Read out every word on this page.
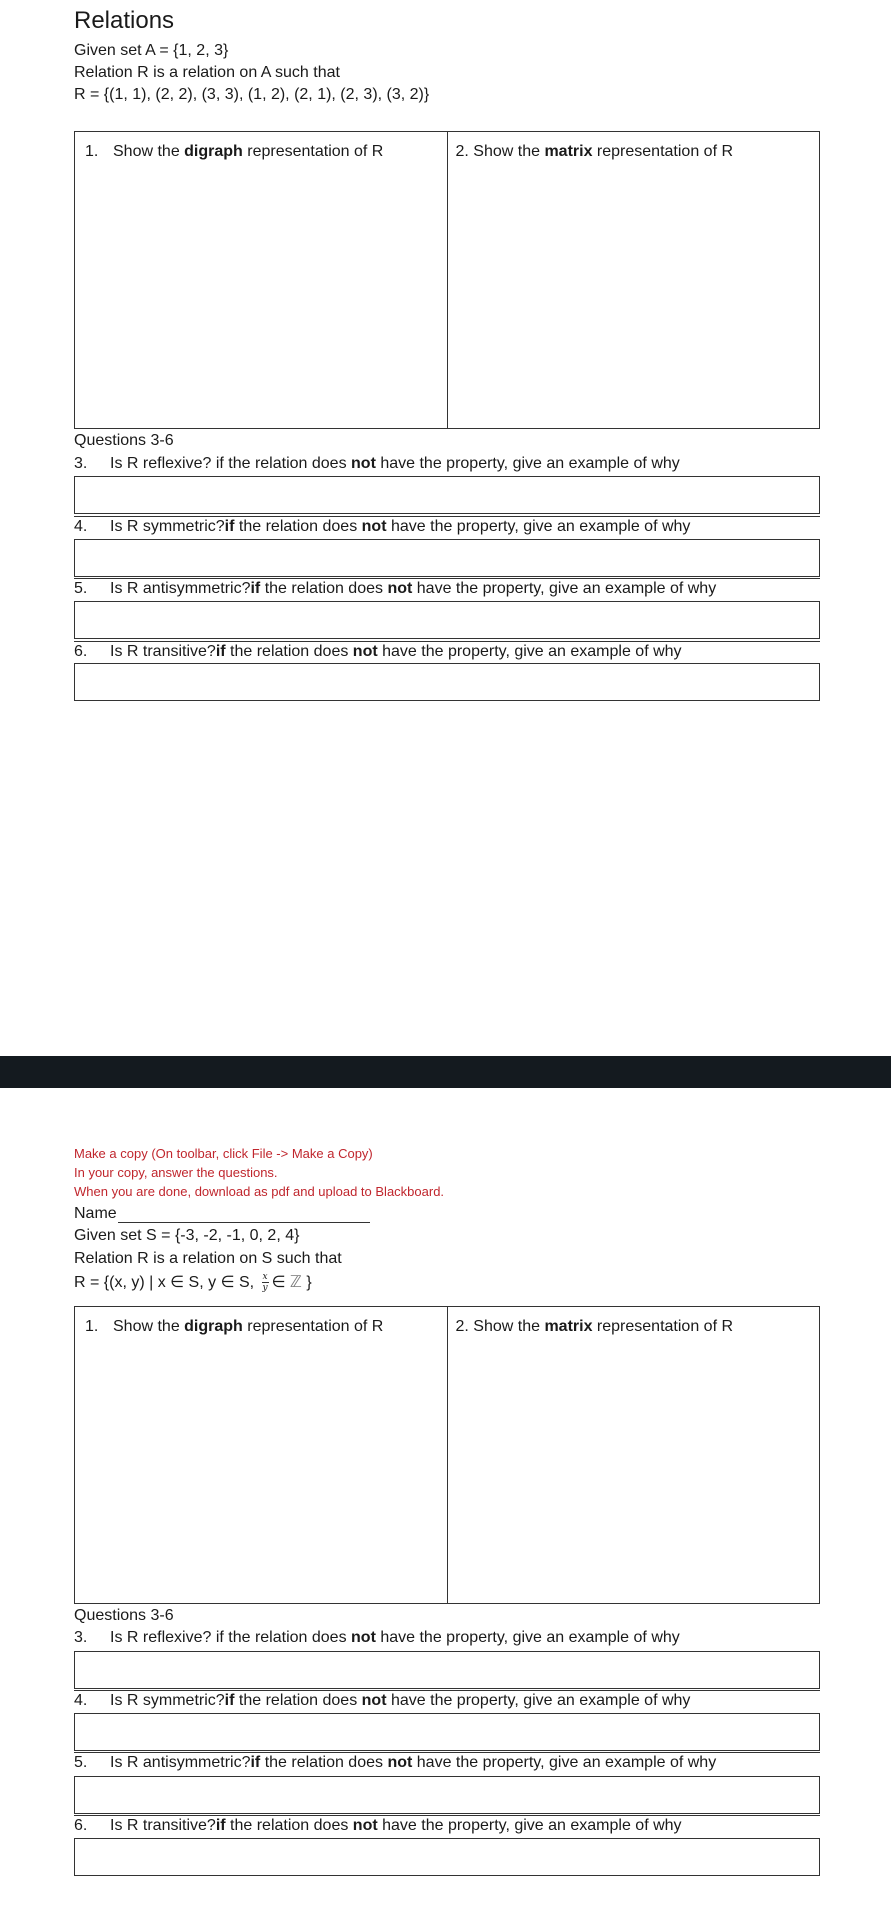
Relations
Given set A = {1, 2, 3}
Relation R is a relation on A such that
R = {(1, 1), (2, 2), (3, 3), (1, 2), (2, 1), (2, 3), (3, 2)}
1. Show the digraph representation of R	2. Show the matrix representation of R
Questions 3-6
3. Is R reflexive? if the relation does not have the property, give an example of why
4. Is R symmetric?if the relation does not have the property, give an example of why
5. Is R antisymmetric?if the relation does not have the property, give an example of why
6. Is R transitive?if the relation does not have the property, give an example of why
Make a copy (On toolbar, click File -> Make a Copy)
In your copy, answer the questions.
When you are done, download as pdf and upload to Blackboard.
Name
Given set S = {-3, -2, -1, 0, 2, 4}
Relation R is a relation on S such that
R = {(x, y) | x ∈ S, y ∈ S, $\frac{x}{y}$ ∈ ℤ }
1. Show the digraph representation of R	2. Show the matrix representation of R
Questions 3-6
3. Is R reflexive? if the relation does not have the property, give an example of why
4. Is R symmetric?if the relation does not have the property, give an example of why
5. Is R antisymmetric?if the relation does not have the property, give an example of why
6. Is R transitive?if the relation does not have the property, give an example of why
